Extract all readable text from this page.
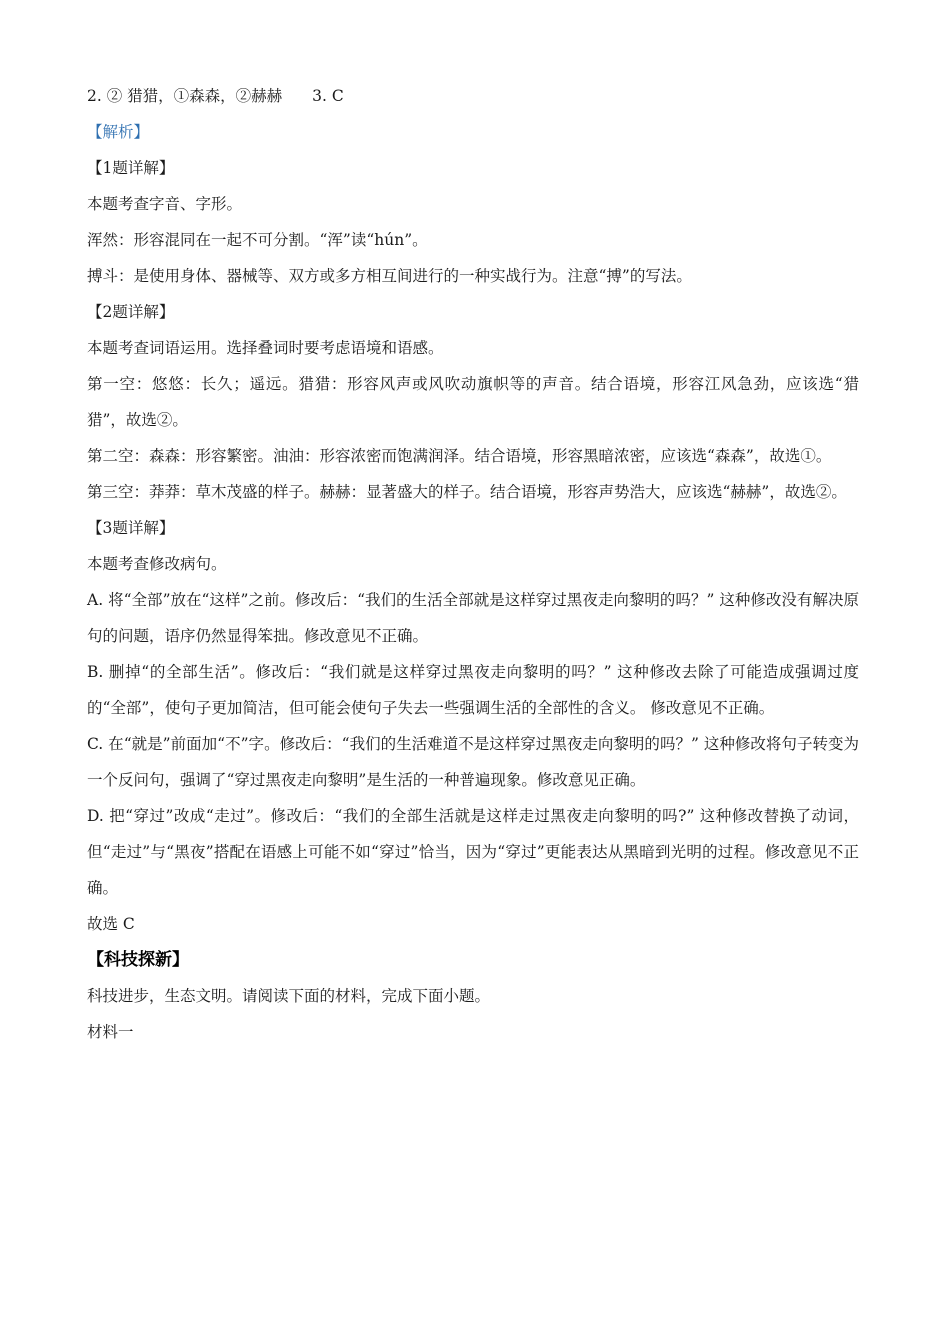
2. ② 猎猎，①森森，②赫赫 3. C
【解析】
【1题详解】
本题考查字音、字形。
浑然：形容混同在一起不可分割。“浑”读“hún”。
搏斗：是使用身体、器械等、双方或多方相互间进行的一种实战行为。注意“搏”的写法。
【2题详解】
本题考查词语运用。选择叠词时要考虑语境和语感。

第一空：悠悠：长久；遥远。猎猎：形容风声或风吹动旗帜等的声音。结合语境，形容江风急劲，应该选“猎猎”，故选②。

第二空：森森：形容繁密。油油：形容浓密而饱满润泽。结合语境，形容黑暗浓密，应该选“森森”，故选①。

第三空：莽莽：草木茂盛的样子。赫赫：显著盛大的样子。结合语境，形容声势浩大，应该选“赫赫”，故选②。

【3题详解】
本题考查修改病句。

A. 将“全部”放在“这样”之前。修改后：“我们的生活全部就是这样穿过黑夜走向黎明的吗？” 这种修改没有解决原句的问题，语序仍然显得笨拙。修改意见不正确。

B. 删掉“的全部生活”。修改后：“我们就是这样穿过黑夜走向黎明的吗？” 这种修改去除了可能造成强调过度的“全部”，使句子更加简洁，但可能会使句子失去一些强调生活的全部性的含义。 修改意见不正确。

C. 在“就是”前面加“不”字。修改后：“我们的生活难道不是这样穿过黑夜走向黎明的吗？” 这种修改将句子转变为一个反问句，强调了“穿过黑夜走向黎明”是生活的一种普遍现象。修改意见正确。

D. 把“穿过”改成“走过”。修改后：“我们的全部生活就是这样走过黑夜走向黎明的吗?” 这种修改替换了动词，但“走过”与“黑夜”搭配在语感上可能不如“穿过”恰当，因为“穿过”更能表达从黑暗到光明的过程。修改意见不正确。

故选 C
【科技探新】
科技进步，生态文明。请阅读下面的材料，完成下面小题。
材料一
